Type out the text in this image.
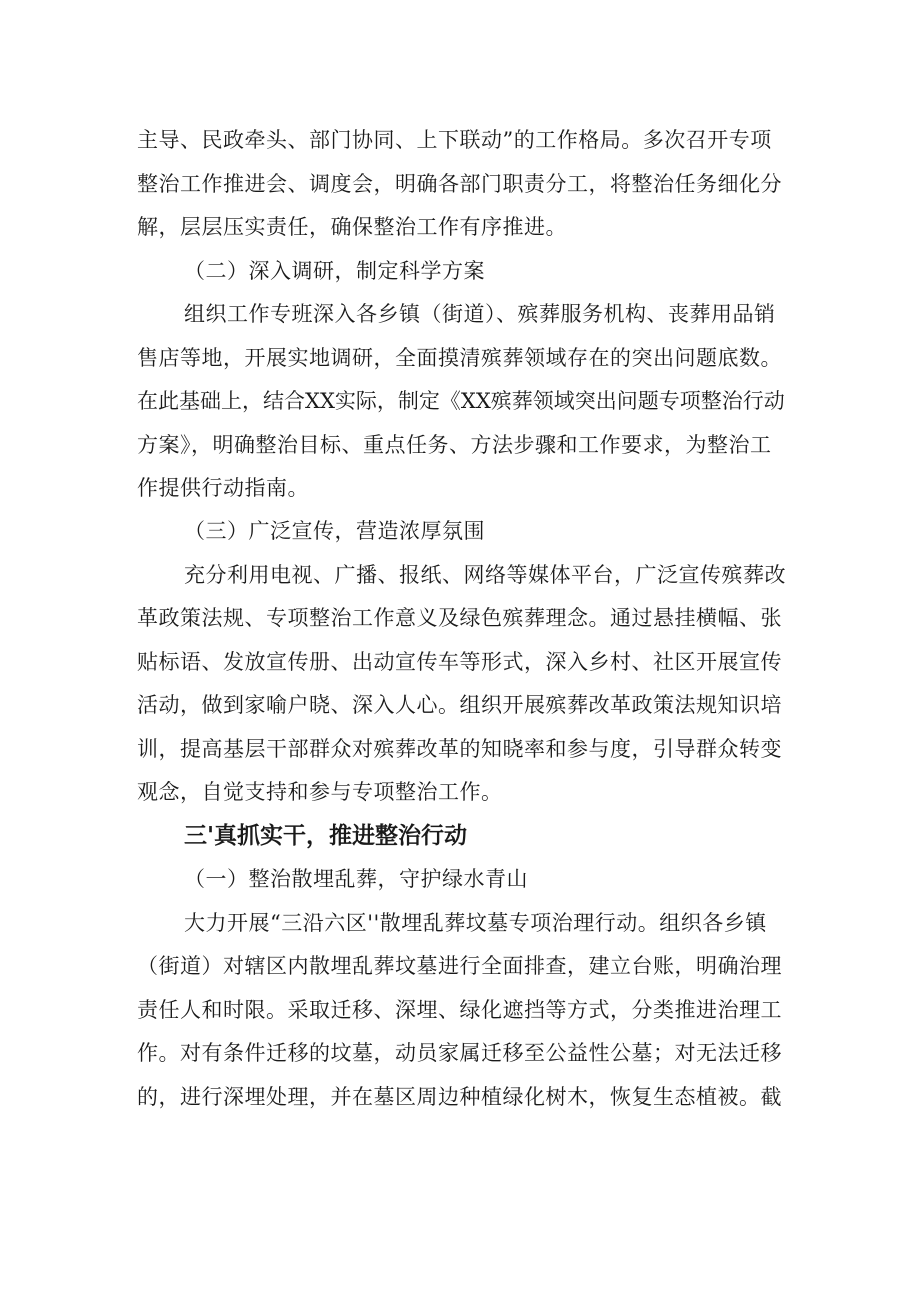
主导、民政牵头、部门协同、上下联动”的工作格局。多次召开专项

整治工作推进会、调度会，明确各部门职责分工，将整治任务细化分

解，层层压实责任，确保整治工作有序推进。

（二）深入调研，制定科学方案

组织工作专班深入各乡镇（街道）、殡葬服务机构、丧葬用品销

售店等地，开展实地调研，全面摸清殡葬领域存在的突出问题底数。

在此基础上，结合XX实际，制定《XX殡葬领域突出问题专项整治行动

方案》，明确整治目标、重点任务、方法步骤和工作要求，为整治工

作提供行动指南。

（三）广泛宣传，营造浓厚氛围

充分利用电视、广播、报纸、网络等媒体平台，广泛宣传殡葬改

革政策法规、专项整治工作意义及绿色殡葬理念。通过悬挂横幅、张

贴标语、发放宣传册、出动宣传车等形式，深入乡村、社区开展宣传

活动，做到家喻户晓、深入人心。组织开展殡葬改革政策法规知识培

训，提高基层干部群众对殡葬改革的知晓率和参与度，引导群众转变

观念，自觉支持和参与专项整治工作。

三'真抓实干，推进整治行动

（一）整治散埋乱葬，守护绿水青山

大力开展“三沿六区''散埋乱葬坟墓专项治理行动。组织各乡镇

（街道）对辖区内散埋乱葬坟墓进行全面排查，建立台账，明确治理

责任人和时限。采取迁移、深埋、绿化遮挡等方式，分类推进治理工

作。对有条件迁移的坟墓，动员家属迁移至公益性公墓；对无法迁移

的，进行深埋处理，并在墓区周边种植绿化树木，恢复生态植被。截
